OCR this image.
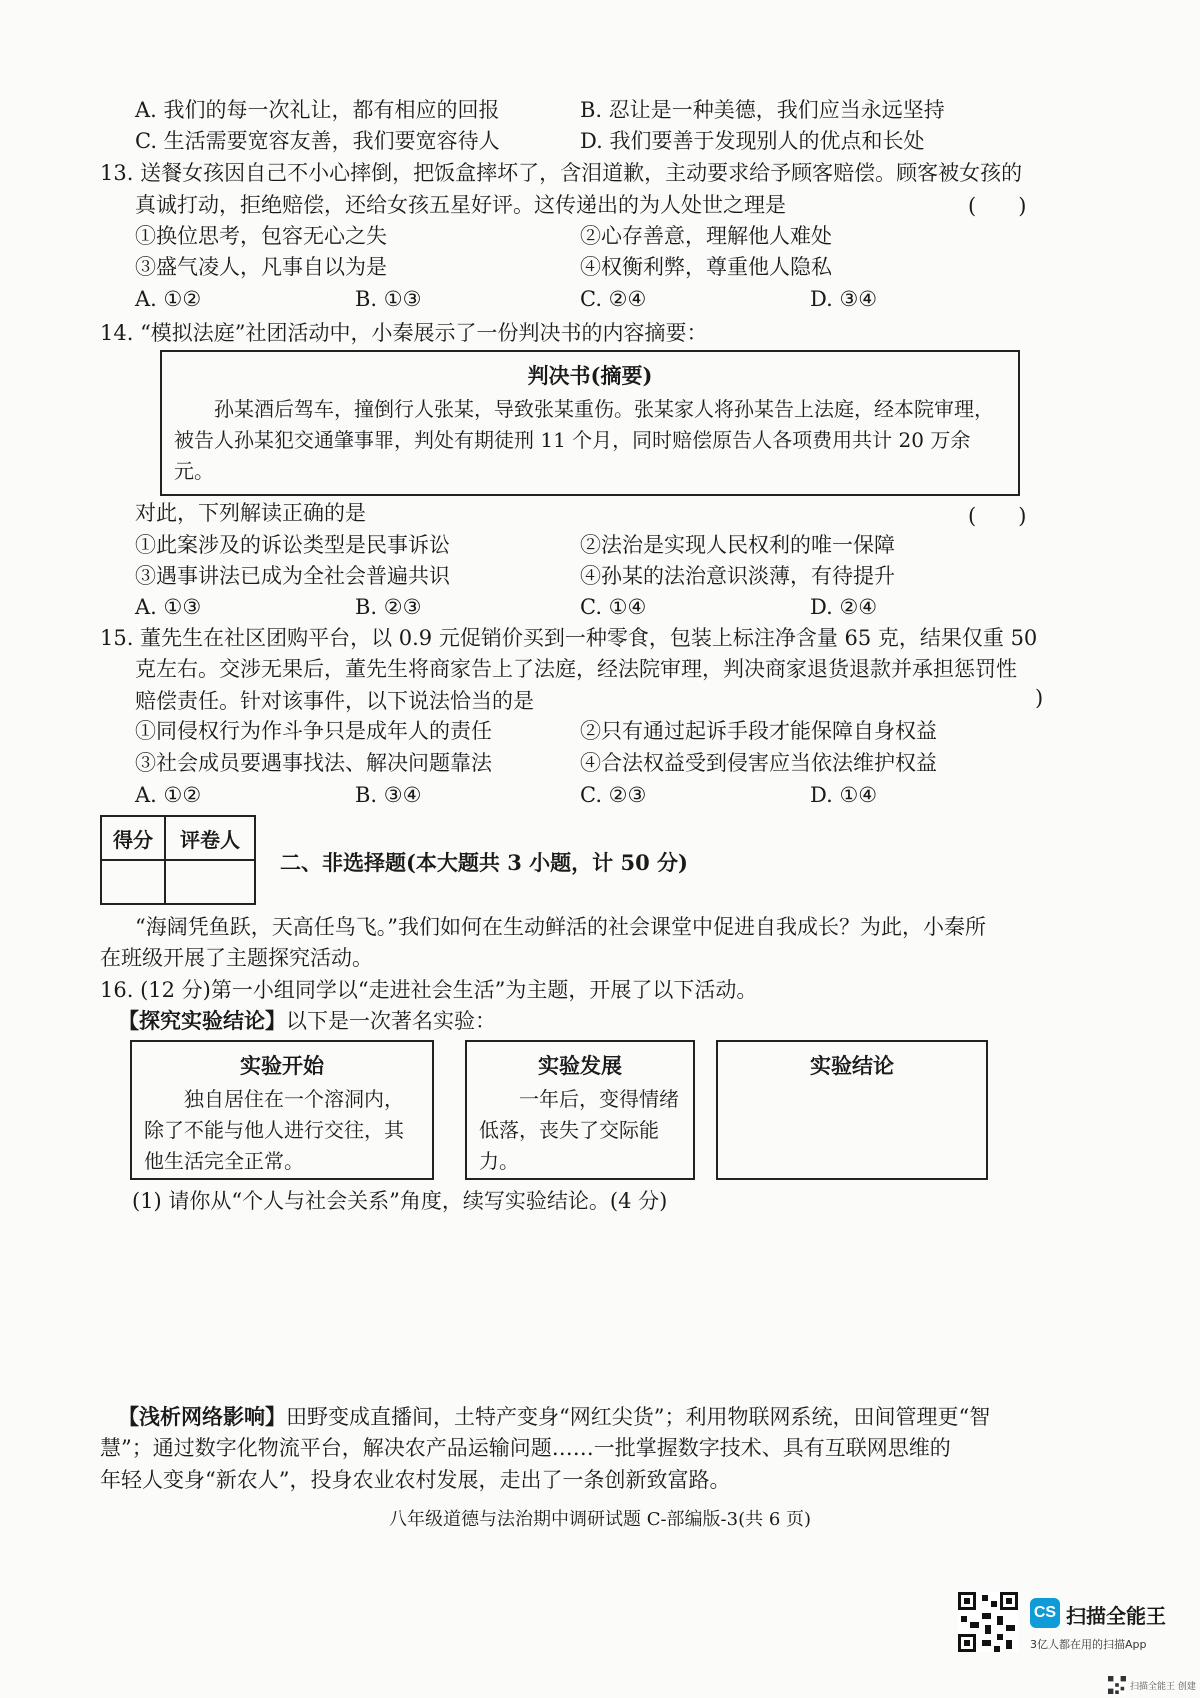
A. 我们的每一次礼让，都有相应的回报	B. 忍让是一种美德，我们应当永远坚持
C. 生活需要宽容友善，我们要宽容待人	D. 我们要善于发现别人的优点和长处
13. 送餐女孩因自己不小心摔倒，把饭盒摔坏了，含泪道歉，主动要求给予顾客赔偿。顾客被女孩的
真诚打动，拒绝赔偿，还给女孩五星好评。这传递出的为人处世之理是	(　　)
①换位思考，包容无心之失	②心存善意，理解他人难处
③盛气凌人，凡事自以为是	④权衡利弊，尊重他人隐私
A. ①②	B. ①③	C. ②④	D. ③④
14. “模拟法庭”社团活动中，小秦展示了一份判决书的内容摘要：
判决书(摘要)
孙某酒后驾车，撞倒行人张某，导致张某重伤。张某家人将孙某告上法庭，经本院审理，被告人孙某犯交通肇事罪，判处有期徒刑 11 个月，同时赔偿原告人各项费用共计 20 万余元。
对此，下列解读正确的是	(　　)
①此案涉及的诉讼类型是民事诉讼	②法治是实现人民权利的唯一保障
③遇事讲法已成为全社会普遍共识	④孙某的法治意识淡薄，有待提升
A. ①③	B. ②③	C. ①④	D. ②④
15. 董先生在社区团购平台，以 0.9 元促销价买到一种零食，包装上标注净含量 65 克，结果仅重 50
克左右。交涉无果后，董先生将商家告上了法庭，经法院审理，判决商家退货退款并承担惩罚性
赔偿责任。针对该事件，以下说法恰当的是	)
①同侵权行为作斗争只是成年人的责任	②只有通过起诉手段才能保障自身权益
③社会成员要遇事找法、解决问题靠法	④合法权益受到侵害应当依法维护权益
A. ①②	B. ③④	C. ②③	D. ①④
得分	评卷人

二、非选择题(本大题共 3 小题，计 50 分)
“海阔凭鱼跃，天高任鸟飞。”我们如何在生动鲜活的社会课堂中促进自我成长？为此，小秦所
在班级开展了主题探究活动。
16. (12 分)第一小组同学以“走进社会生活”为主题，开展了以下活动。
【探究实验结论】以下是一次著名实验：
实验开始
独自居住在一个溶洞内，除了不能与他人进行交往，其他生活完全正常。
实验发展
一年后，变得情绪低落，丧失了交际能力。
实验结论
(1) 请你从“个人与社会关系”角度，续写实验结论。(4 分)
【浅析网络影响】田野变成直播间，土特产变身“网红尖货”；利用物联网系统，田间管理更“智
慧”；通过数字化物流平台，解决农产品运输问题……一批掌握数字技术、具有互联网思维的
年轻人变身“新农人”，投身农业农村发展，走出了一条创新致富路。
八年级道德与法治期中调研试题 C-部编版-3(共 6 页)
CS 扫描全能王
3亿人都在用的扫描App
扫描全能王 创建
